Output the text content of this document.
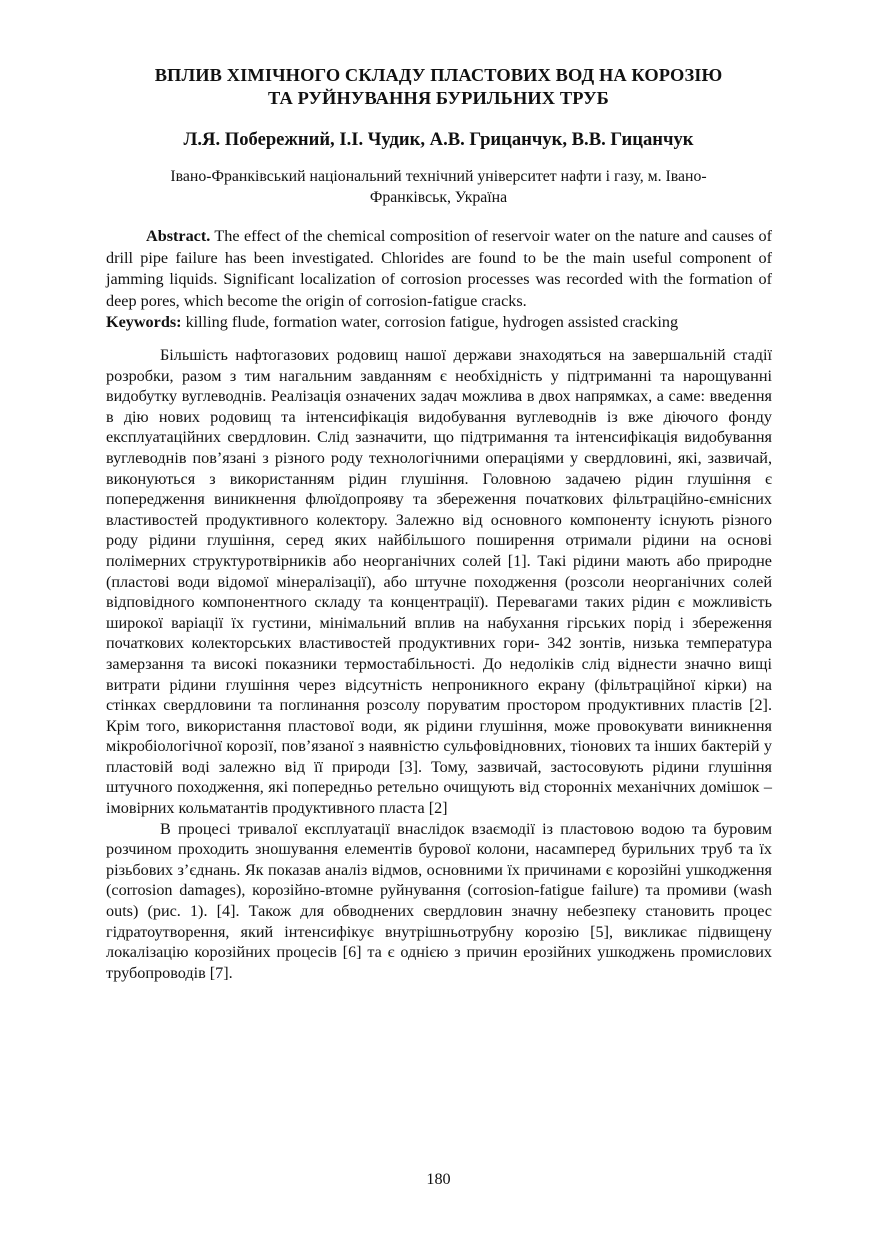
ВПЛИВ ХІМІЧНОГО СКЛАДУ ПЛАСТОВИХ ВОД НА КОРОЗІЮ
ТА РУЙНУВАННЯ БУРИЛЬНИХ ТРУБ
Л.Я. Побережний, І.І. Чудик, А.В. Грицанчук, В.В. Гицанчук
Івано-Франківський національний технічний університет нафти і газу, м. Івано-
Франківськ, Україна
Abstract. The effect of the chemical composition of reservoir water on the nature and causes of drill pipe failure has been investigated. Chlorides are found to be the main useful component of jamming liquids. Significant localization of corrosion processes was recorded with the formation of deep pores, which become the origin of corrosion-fatigue cracks.
Keywords: killing flude, formation water, corrosion fatigue, hydrogen assisted cracking

Більшість нафтогазових родовищ нашої держави знаходяться на завершальній стадії розробки, разом з тим нагальним завданням є необхідність у підтриманні та нарощуванні видобутку вуглеводнів. Реалізація означених задач можлива в двох напрямках, а саме: введення в дію нових родовищ та інтенсифікація видобування вуглеводнів із вже діючого фонду експлуатаційних свердловин. Слід зазначити, що підтримання та інтенсифікація видобування вуглеводнів пов’язані з різного роду технологічними операціями у свердловині, які, зазвичай, виконуються з використанням рідин глушіння. Головною задачею рідин глушіння є попередження виникнення флюїдопрояву та збереження початкових фільтраційно-ємнісних властивостей продуктивного колектору. Залежно від основного компоненту існують різного роду рідини глушіння, серед яких найбільшого поширення отримали рідини на основі полімерних структуротвірників або неорганічних солей [1]. Такі рідини мають або природне (пластові води відомої мінералізації), або штучне походження (розсоли неорганічних солей відповідного компонентного складу та концентрації). Перевагами таких рідин є можливість широкої варіації їх густини, мінімальний вплив на набухання гірських порід і збереження початкових колекторських властивостей продуктивних гори- 342 зонтів, низька температура замерзання та високі показники термостабільності. До недоліків слід віднести значно вищі витрати рідини глушіння через відсутність непроникного екрану (фільтраційної кірки) на стінках свердловини та поглинання розсолу поруватим простором продуктивних пластів [2]. Крім того, використання пластової води, як рідини глушіння, може провокувати виникнення мікробіологічної корозії, пов’язаної з наявністю сульфовідновних, тіонових та інших бактерій у пластовій воді залежно від її природи [3]. Тому, зазвичай, застосовують рідини глушіння штучного походження, які попередньо ретельно очищують від сторонніх механічних домішок – імовірних кольматантів продуктивного пласта [2]

В процесі тривалої експлуатації внаслідок взаємодії із пластовою водою та буровим розчином проходить зношування елементів бурової колони, насамперед бурильних труб та їх різьбових з’єднань. Як показав аналіз відмов, основними їх причинами є корозійні ушкодження (corrosion damages), корозійно-втомне руйнування (corrosion-fatigue failure) та промиви (wash outs) (рис. 1). [4]. Також для обводнених свердловин значну небезпеку становить процес гідратоутворення, який інтенсифікує внутрішньотрубну корозію [5], викликає підвищену локалізацію корозійних процесів [6] та є однією з причин ерозійних ушкоджень промислових трубопроводів [7].

180
